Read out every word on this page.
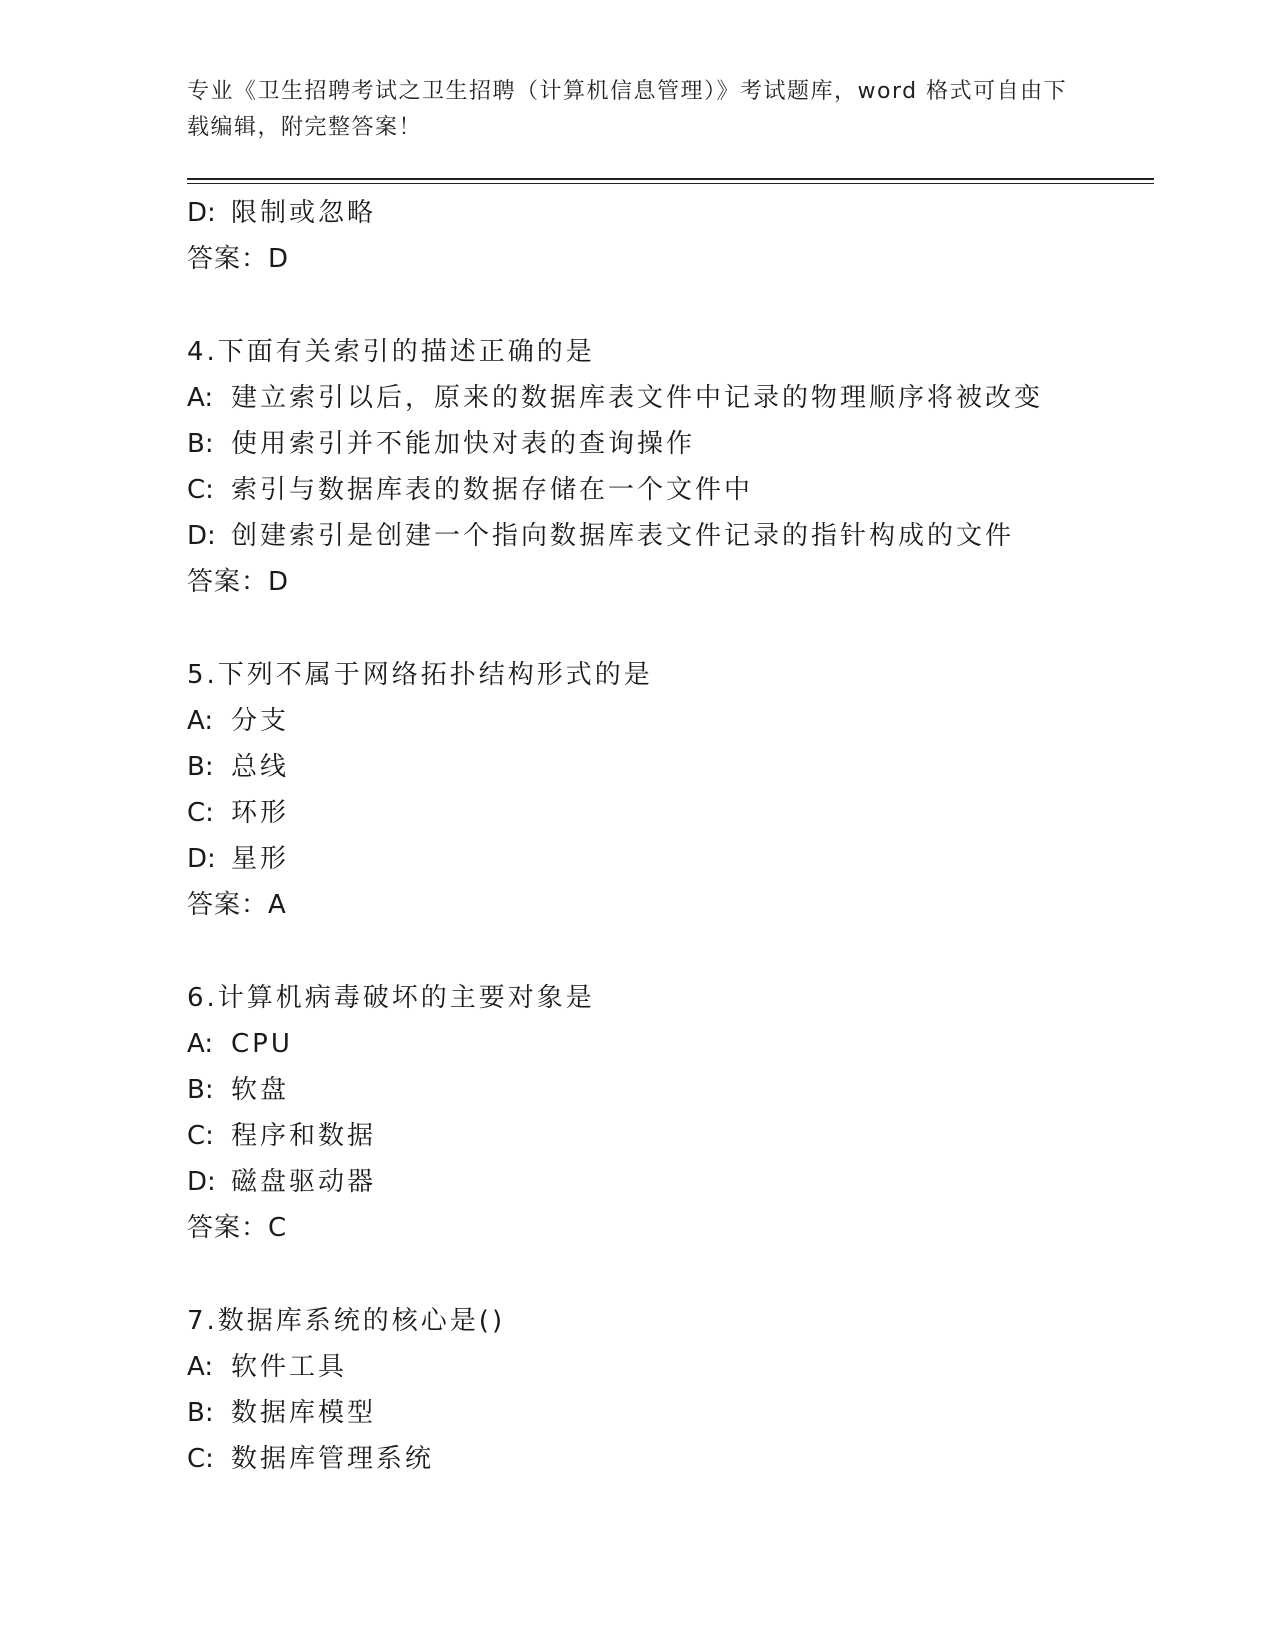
专业《卫生招聘考试之卫生招聘（计算机信息管理）》考试题库，word 格式可自由下载编辑，附完整答案！
D: 限制或忽略
答案：D
4.下面有关索引的描述正确的是
A: 建立索引以后，原来的数据库表文件中记录的物理顺序将被改变
B: 使用索引并不能加快对表的查询操作
C: 索引与数据库表的数据存储在一个文件中
D: 创建索引是创建一个指向数据库表文件记录的指针构成的文件
答案：D
5.下列不属于网络拓扑结构形式的是
A: 分支
B: 总线
C: 环形
D: 星形
答案：A
6.计算机病毒破坏的主要对象是
A: CPU
B: 软盘
C: 程序和数据
D: 磁盘驱动器
答案：C
7.数据库系统的核心是()
A: 软件工具
B: 数据库模型
C: 数据库管理系统
